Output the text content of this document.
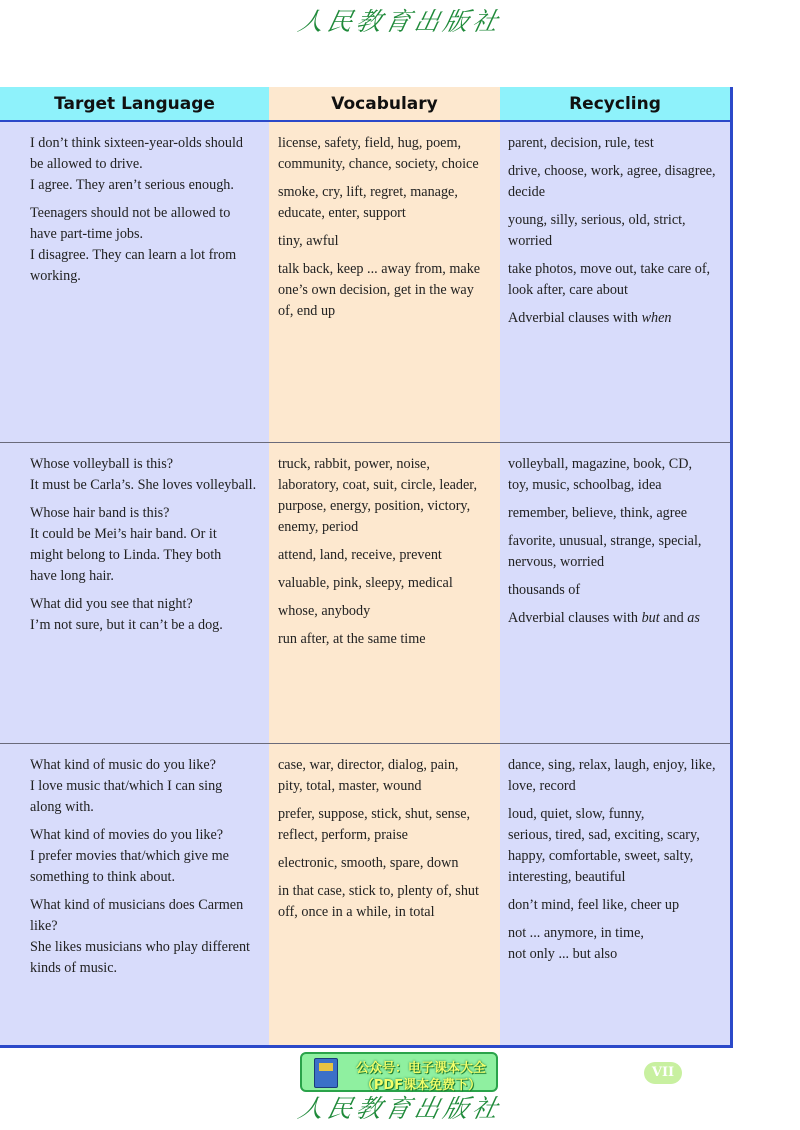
人民教育出版社
Target Language	Vocabulary	Recycling

I don’t think sixteen-year-olds should
be allowed to drive.
I agree. They aren’t serious enough.

Teenagers should not be allowed to
have part-time jobs.
I disagree. They can learn a lot from
working.

license, safety, field, hug, poem,
community, chance, society, choice

smoke, cry, lift, regret, manage,
educate, enter, support

tiny, awful

talk back, keep ... away from, make
one’s own decision, get in the way
of, end up

parent, decision, rule, test

drive, choose, work, agree, disagree,
decide

young, silly, serious, old, strict,
worried

take photos, move out, take care of,
look after, care about

Adverbial clauses with when

Whose volleyball is this?
It must be Carla’s. She loves volleyball.

Whose hair band is this?
It could be Mei’s hair band. Or it
might belong to Linda. They both
have long hair.

What did you see that night?
I’m not sure, but it can’t be a dog.

truck, rabbit, power, noise,
laboratory, coat, suit, circle, leader,
purpose, energy, position, victory,
enemy, period

attend, land, receive, prevent

valuable, pink, sleepy, medical

whose, anybody

run after, at the same time

volleyball, magazine, book, CD,
toy, music, schoolbag, idea

remember, believe, think, agree

favorite, unusual, strange, special,
nervous, worried

thousands of

Adverbial clauses with but and as

What kind of music do you like?
I love music that/which I can sing
along with.

What kind of movies do you like?
I prefer movies that/which give me
something to think about.

What kind of musicians does Carmen
like?
She likes musicians who play different
kinds of music.

case, war, director, dialog, pain,
pity, total, master, wound

prefer, suppose, stick, shut, sense,
reflect, perform, praise

electronic, smooth, spare, down

in that case, stick to, plenty of, shut
off, once in a while, in total

dance, sing, relax, laugh, enjoy, like,
love, record

loud, quiet, slow, funny,
serious, tired, sad, exciting, scary,
happy, comfortable, sweet, salty,
interesting, beautiful

don’t mind, feel like, cheer up

not ... anymore, in time,
not only ... but also

公众号：电子课本大全
（PDF课本免费下）
VII
人民教育出版社
